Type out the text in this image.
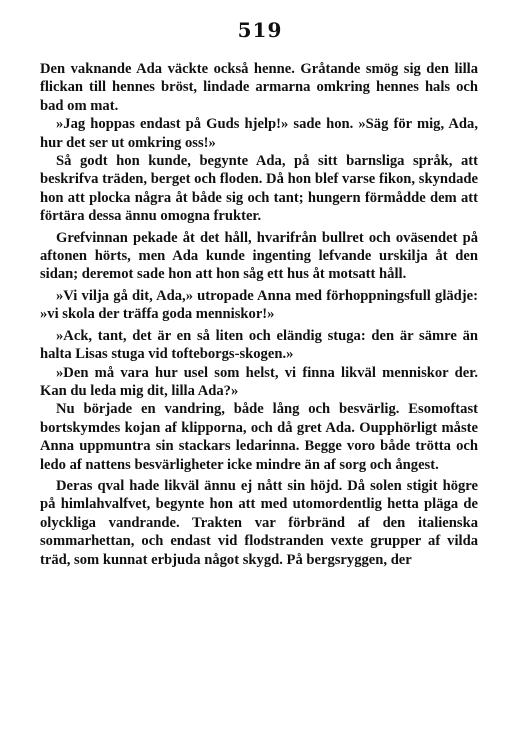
519

Den vaknande Ada väckte också henne. Gråtande smög sig den lilla flickan till hennes bröst, lindade armarna omkring hennes hals och bad om mat.

»Jag hoppas endast på Guds hjelp!» sade hon. »Säg för mig, Ada, hur det ser ut omkring oss!»

Så godt hon kunde, begynte Ada, på sitt barnsliga språk, att beskrifva träden, berget och floden. Då hon blef varse fikon, skyndade hon att plocka några åt både sig och tant; hungern förmådde dem att förtära dessa ännu omogna frukter.

Grefvinnan pekade åt det håll, hvarifrån bullret och oväsendet på aftonen hörts, men Ada kunde ingenting lefvande urskilja åt den sidan; deremot sade hon att hon såg ett hus åt motsatt håll.

»Vi vilja gå dit, Ada,» utropade Anna med förhoppningsfull glädje: »vi skola der träffa goda menniskor!»

»Ack, tant, det är en så liten och eländig stuga: den är sämre än halta Lisas stuga vid tofteborgs-skogen.»

»Den må vara hur usel som helst, vi finna likväl menniskor der. Kan du leda mig dit, lilla Ada?»

Nu började en vandring, både lång och besvärlig. Esomoftast bortskymdes kojan af klipporna, och då gret Ada. Oupphörligt måste Anna uppmuntra sin stackars ledarinna. Begge voro både trötta och ledo af nattens besvärligheter icke mindre än af sorg och ångest.

Deras qval hade likväl ännu ej nått sin höjd. Då solen stigit högre på himlahvalfvet, begynte hon att med utomordentlig hetta pläga de olyckliga vandrande. Trakten var förbränd af den italienska sommarhettan, och endast vid flodstranden vexte grupper af vilda träd, som kunnat erbjuda något skygd. På bergsryggen, der
